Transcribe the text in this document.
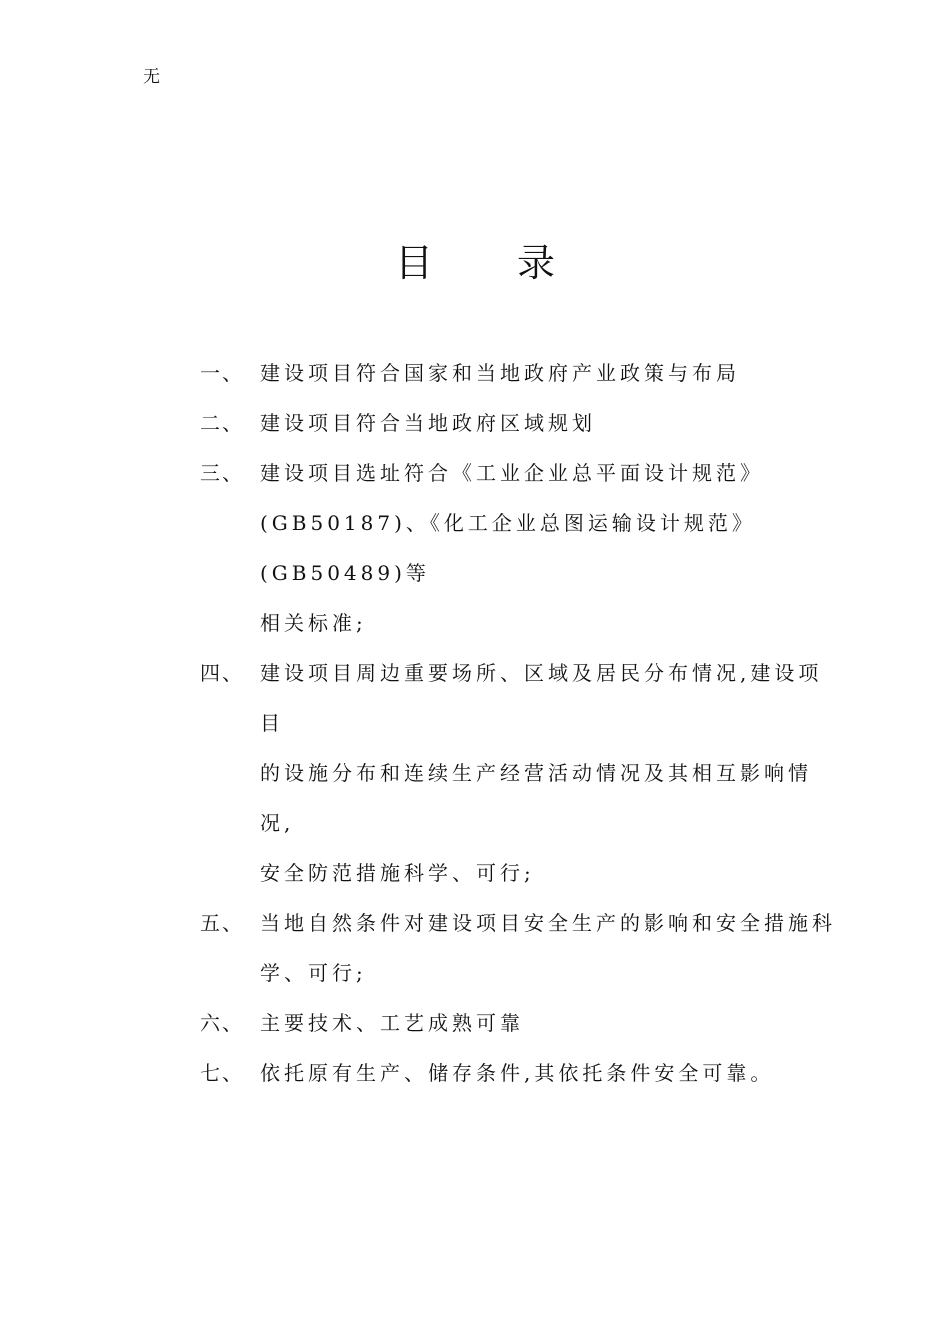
无
目 录
一、 建设项目符合国家和当地政府产业政策与布局
二、 建设项目符合当地政府区域规划
三、 建设项目选址符合《工业企业总平面设计规范》
(GB50187)、《化工企业总图运输设计规范》(GB50489)等
相关标准;
四、 建设项目周边重要场所、区域及居民分布情况,建设项目
的设施分布和连续生产经营活动情况及其相互影响情况,
安全防范措施科学、可行;
五、 当地自然条件对建设项目安全生产的影响和安全措施科
学、可行;
六、 主要技术、工艺成熟可靠
七、 依托原有生产、储存条件,其依托条件安全可靠。
